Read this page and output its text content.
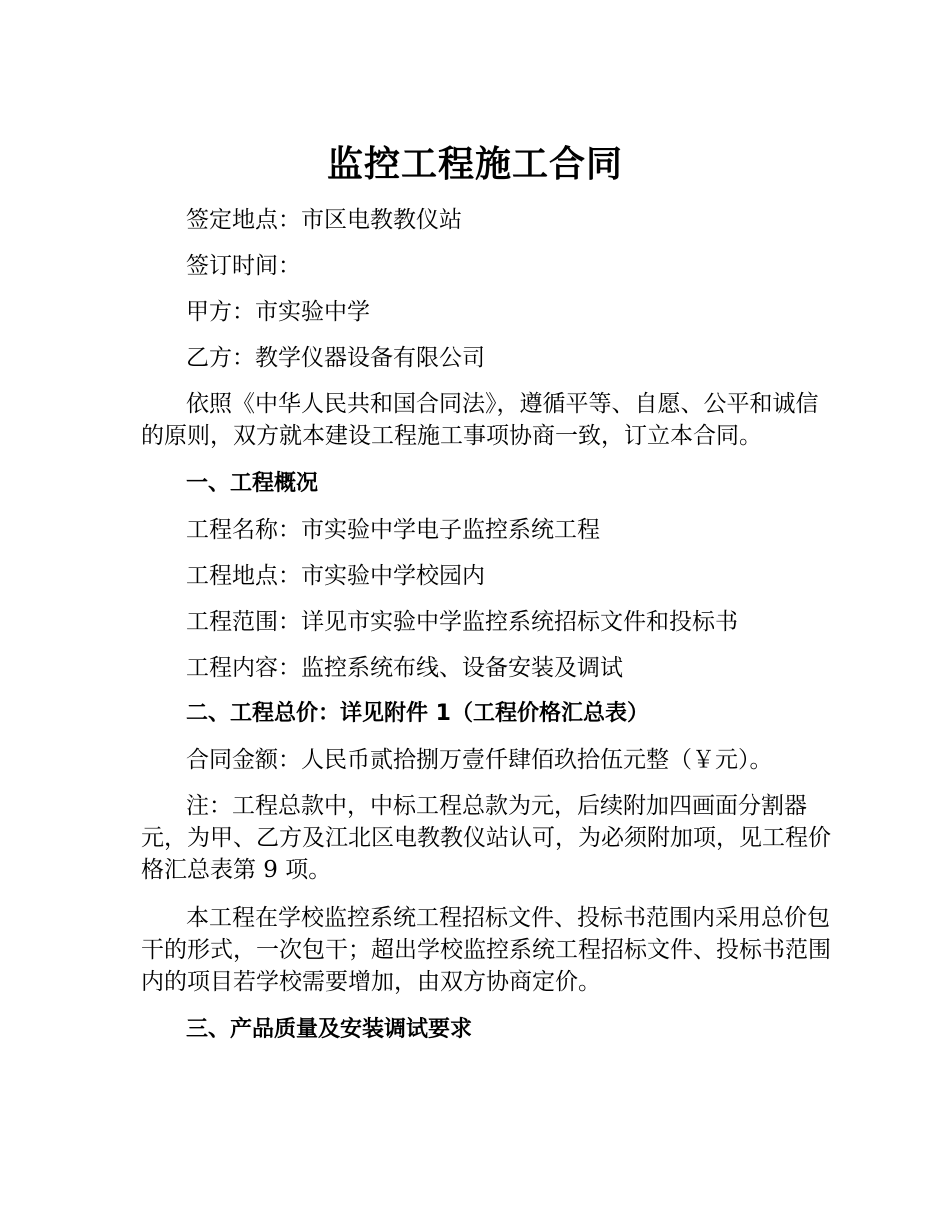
监控工程施工合同

签定地点：市区电教教仪站

签订时间：

甲方：市实验中学

乙方：教学仪器设备有限公司

依照《中华人民共和国合同法》，遵循平等、自愿、公平和诚信的原则，双方就本建设工程施工事项协商一致，订立本合同。

一、工程概况

工程名称：市实验中学电子监控系统工程

工程地点：市实验中学校园内

工程范围：详见市实验中学监控系统招标文件和投标书

工程内容：监控系统布线、设备安装及调试

二、工程总价：详见附件 1（工程价格汇总表）

合同金额：人民币贰拾捌万壹仟肆佰玖拾伍元整（￥元）。

注：工程总款中，中标工程总款为元，后续附加四画面分割器元，为甲、乙方及江北区电教教仪站认可，为必须附加项，见工程价格汇总表第 9 项。

本工程在学校监控系统工程招标文件、投标书范围内采用总价包干的形式，一次包干；超出学校监控系统工程招标文件、投标书范围内的项目若学校需要增加，由双方协商定价。

三、产品质量及安装调试要求
